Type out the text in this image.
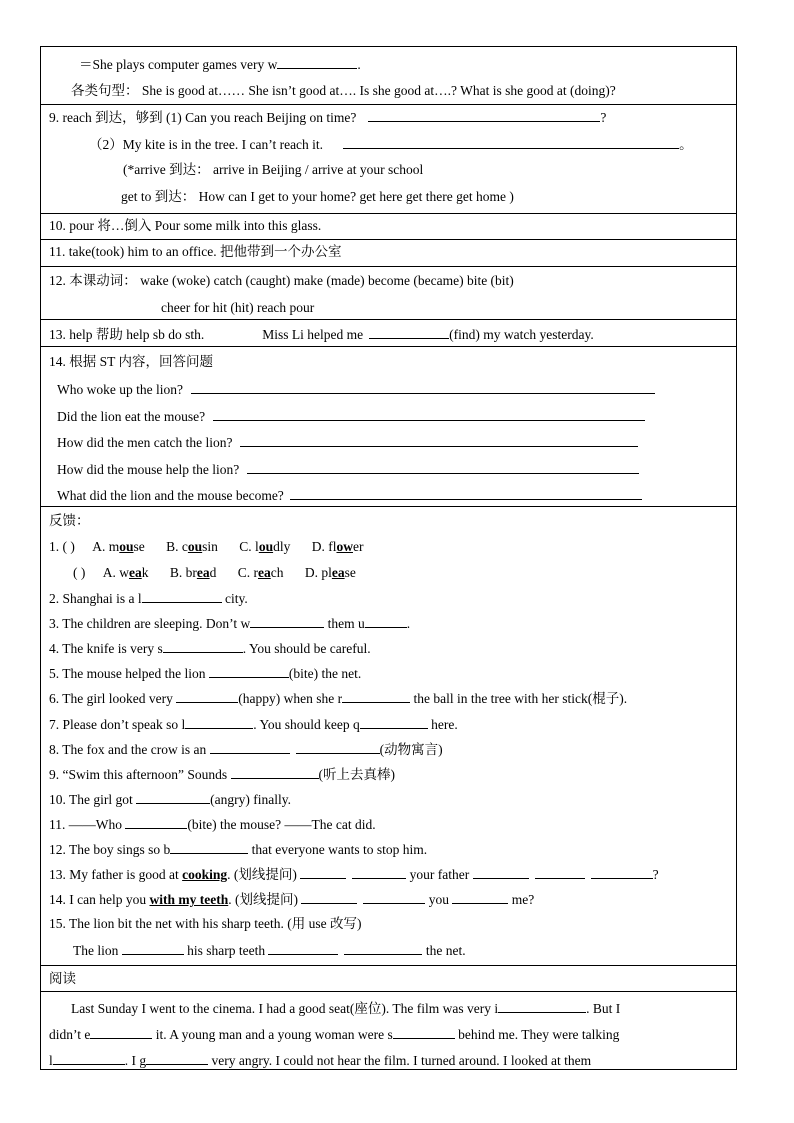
＝She plays computer games very w	.
各类句型： She is good at…… She isn’t good at…. Is she good at….? What is she good at (doing)?
9. reach 到达，够到 (1) Can you reach Beijing on time?	?
（2）My kite is in the tree. I can’t reach it.	。
(*arrive 到达： arrive in Beijing / arrive at your school
get to 到达： How can I get to your home? get here get there get home )
10. pour 将…倒入 Pour some milk into this glass.
11. take(took) him to an office. 把他带到一个办公室
12. 本课动词： wake (woke) catch (caught) make (made) become (became) bite (bit)
cheer for hit (hit) reach pour
13. help 帮助 help sb do sth.	Miss Li helped me	(find) my watch yesterday.
14. 根据 ST 内容，回答问题
Who woke up the lion?
Did the lion eat the mouse?
How did the men catch the lion?
How did the mouse help the lion?
What did the lion and the mouse become?
反馈：
1. ( ) A. mouse B. cousin C. loudly D. flower
( ) A. weak B. bread C. reach D. please
2. Shanghai is a l	city.
3. The children are sleeping. Don’t w	them u	.
4. The knife is very s	. You should be careful.
5. The mouse helped the lion	(bite) the net.
6. The girl looked very	(happy) when she r	the ball in the tree with her stick(棍子).
7. Please don’t speak so l	. You should keep q	here.
8. The fox and the crow is an	(动物寓言)
9. “Swim this afternoon” Sounds	(听上去真棒)
10. The girl got	(angry) finally.
11. ——Who	(bite) the mouse? ——The cat did.
12. The boy sings so b	that everyone wants to stop him.
13. My father is good at cooking. (划线提问)	your father	?
14. I can help you with my teeth. (划线提问)	you	me?
15. The lion bit the net with his sharp teeth. (用 use 改写)
The lion	his sharp teeth	the net.
阅读
Last Sunday I went to the cinema. I had a good seat(座位). The film was very i	. But I
didn’t e	it. A young man and a young woman were s	behind me. They were talking
l	. I g	very angry. I could not hear the film. I turned around. I looked at them
